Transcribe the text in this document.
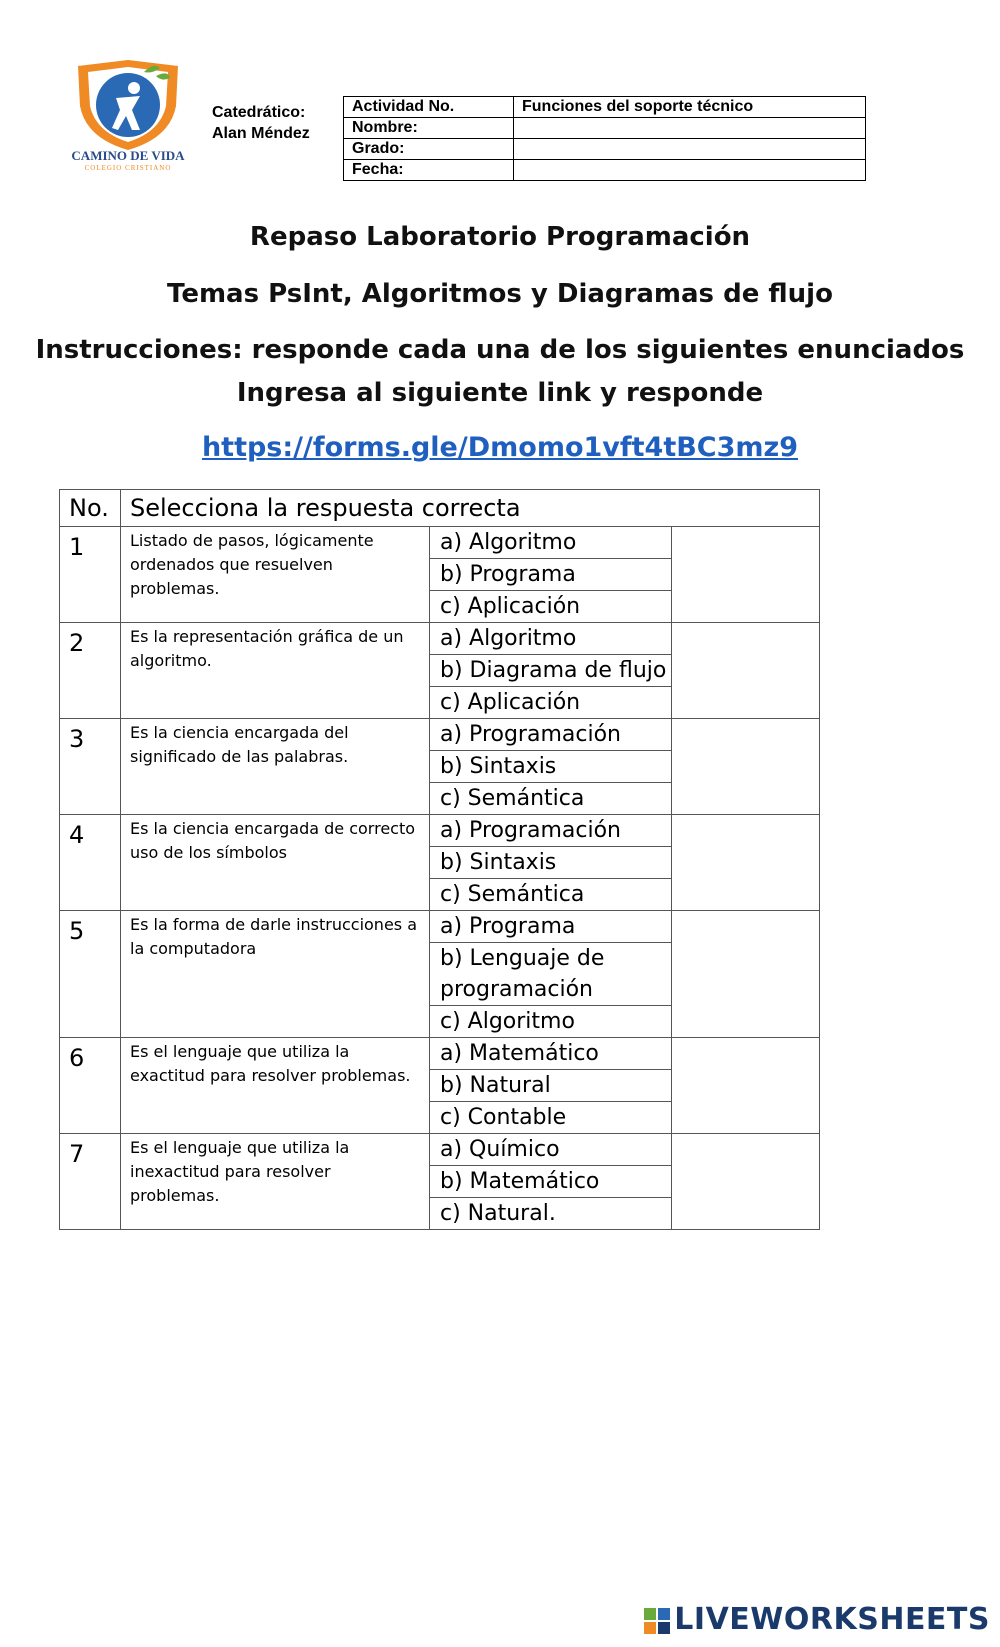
CAMINO DE VIDA
COLEGIO CRISTIANO
Catedrático:
Alan Méndez
Actividad No.	Funciones del soporte técnico
Nombre:	
Grado:	
Fecha:	
Repaso Laboratorio Programación
Temas PsInt, Algoritmos y Diagramas de flujo
Instrucciones: responde cada una de los siguientes enunciados
Ingresa al siguiente link y responde
https://forms.gle/Dmomo1vft4tBC3mz9
No.	Selecciona la respuesta correcta		
1	Listado de pasos, lógicamente ordenados que resuelven problemas.	a) Algoritmo	
		b) Programa	
		c) Aplicación	
2	Es la representación gráfica de un algoritmo.	a) Algoritmo	
		b) Diagrama de flujo	
		c) Aplicación	
3	Es la ciencia encargada del significado de las palabras.	a) Programación	
		b) Sintaxis	
		c) Semántica	
4	Es la ciencia encargada de correcto uso de los símbolos	a) Programación	
		b) Sintaxis	
		c) Semántica	
5	Es la forma de darle instrucciones a la computadora	a) Programa	
		b) Lenguaje de programación	
		c) Algoritmo	
6	Es el lenguaje que utiliza la exactitud para resolver problemas.	a) Matemático	
		b) Natural	
		c) Contable	
7	Es el lenguaje que utiliza la inexactitud para resolver problemas.	a) Químico	
		b) Matemático	
		c) Natural.	
LIVEWORKSHEETS
